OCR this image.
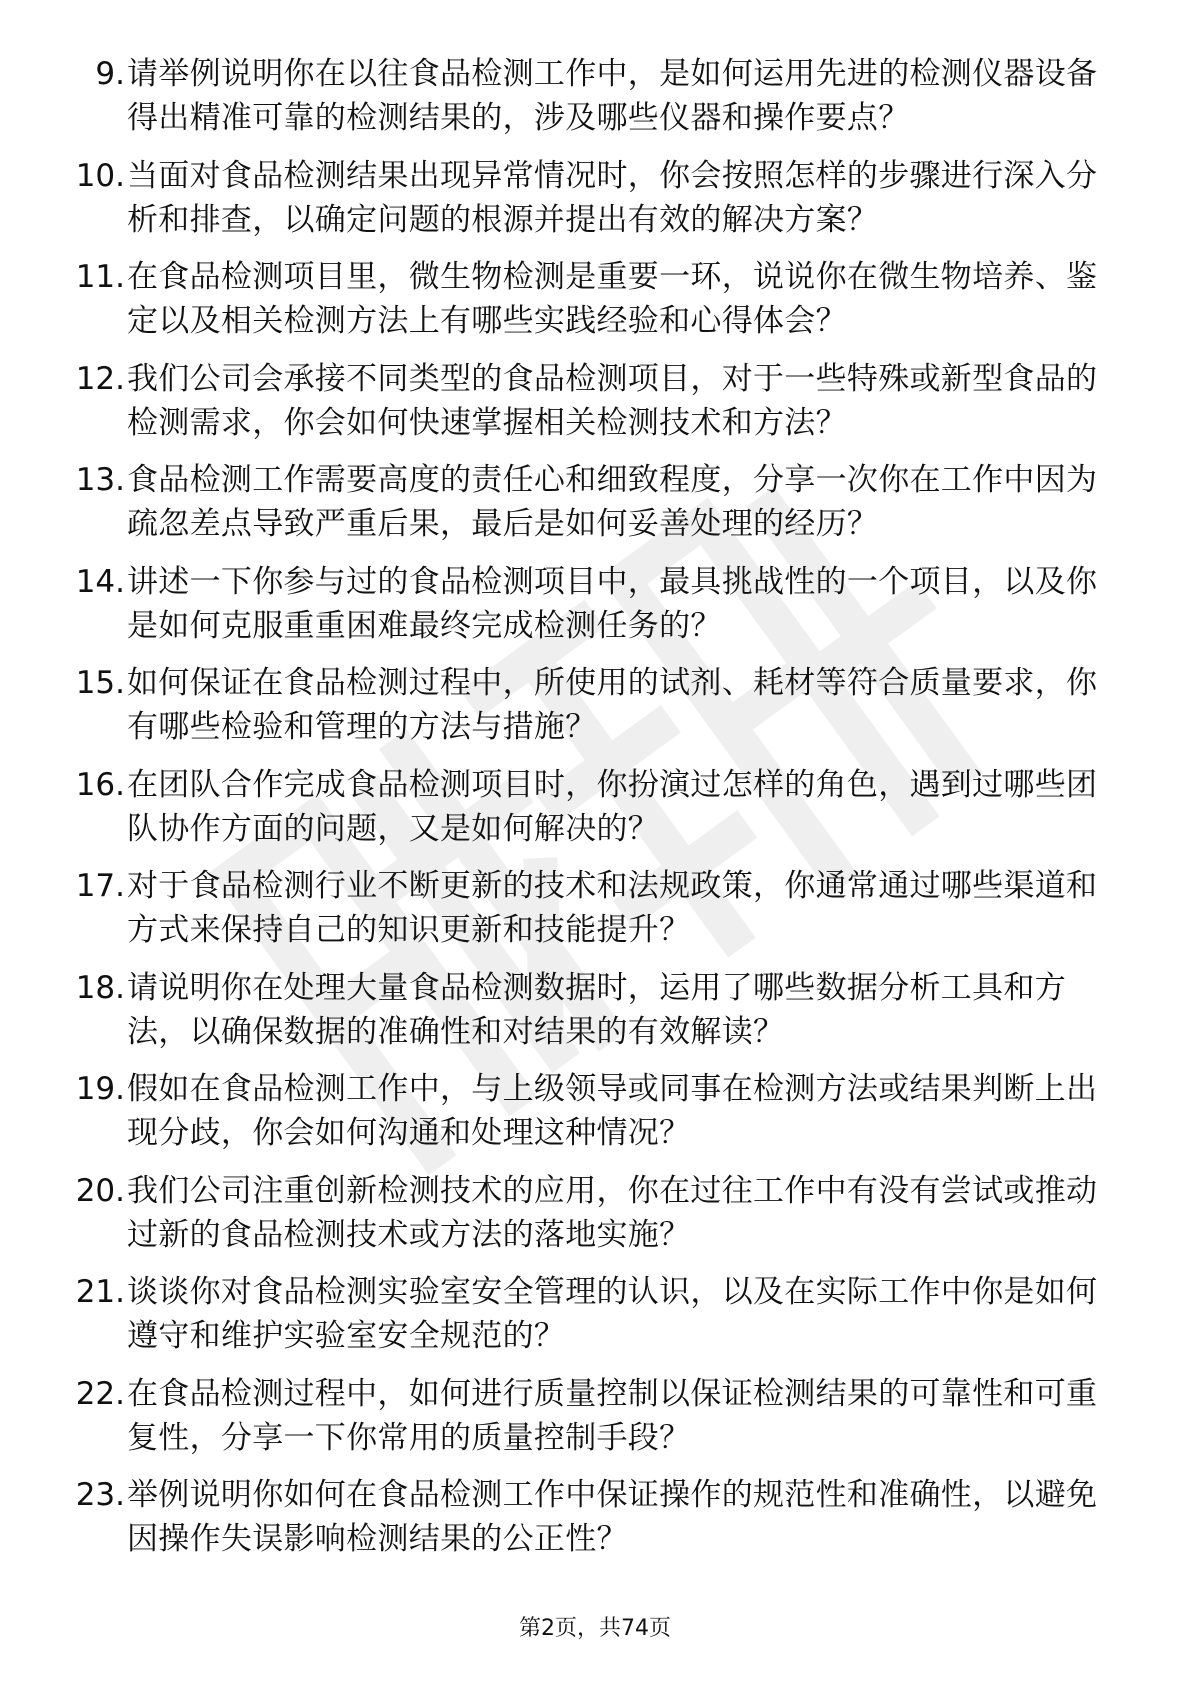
9. 请举例说明你在以往食品检测工作中，是如何运用先进的检测仪器设备得出精准可靠的检测结果的，涉及哪些仪器和操作要点？
10. 当面对食品检测结果出现异常情况时，你会按照怎样的步骤进行深入分析和排查，以确定问题的根源并提出有效的解决方案？
11. 在食品检测项目里，微生物检测是重要一环，说说你在微生物培养、鉴定以及相关检测方法上有哪些实践经验和心得体会？
12. 我们公司会承接不同类型的食品检测项目，对于一些特殊或新型食品的检测需求，你会如何快速掌握相关检测技术和方法？
13. 食品检测工作需要高度的责任心和细致程度，分享一次你在工作中因为疏忽差点导致严重后果，最后是如何妥善处理的经历？
14. 讲述一下你参与过的食品检测项目中，最具挑战性的一个项目，以及你是如何克服重重困难最终完成检测任务的？
15. 如何保证在食品检测过程中，所使用的试剂、耗材等符合质量要求，你有哪些检验和管理的方法与措施？
16. 在团队合作完成食品检测项目时，你扮演过怎样的角色，遇到过哪些团队协作方面的问题，又是如何解决的？
17. 对于食品检测行业不断更新的技术和法规政策，你通常通过哪些渠道和方式来保持自己的知识更新和技能提升？
18. 请说明你在处理大量食品检测数据时，运用了哪些数据分析工具和方法，以确保数据的准确性和对结果的有效解读？
19. 假如在食品检测工作中，与上级领导或同事在检测方法或结果判断上出现分歧，你会如何沟通和处理这种情况？
20. 我们公司注重创新检测技术的应用，你在过往工作中有没有尝试或推动过新的食品检测技术或方法的落地实施？
21. 谈谈你对食品检测实验室安全管理的认识，以及在实际工作中你是如何遵守和维护实验室安全规范的？
22. 在食品检测过程中，如何进行质量控制以保证检测结果的可靠性和可重复性，分享一下你常用的质量控制手段？
23. 举例说明你如何在食品检测工作中保证操作的规范性和准确性，以避免因操作失误影响检测结果的公正性？
第2页，共74页
